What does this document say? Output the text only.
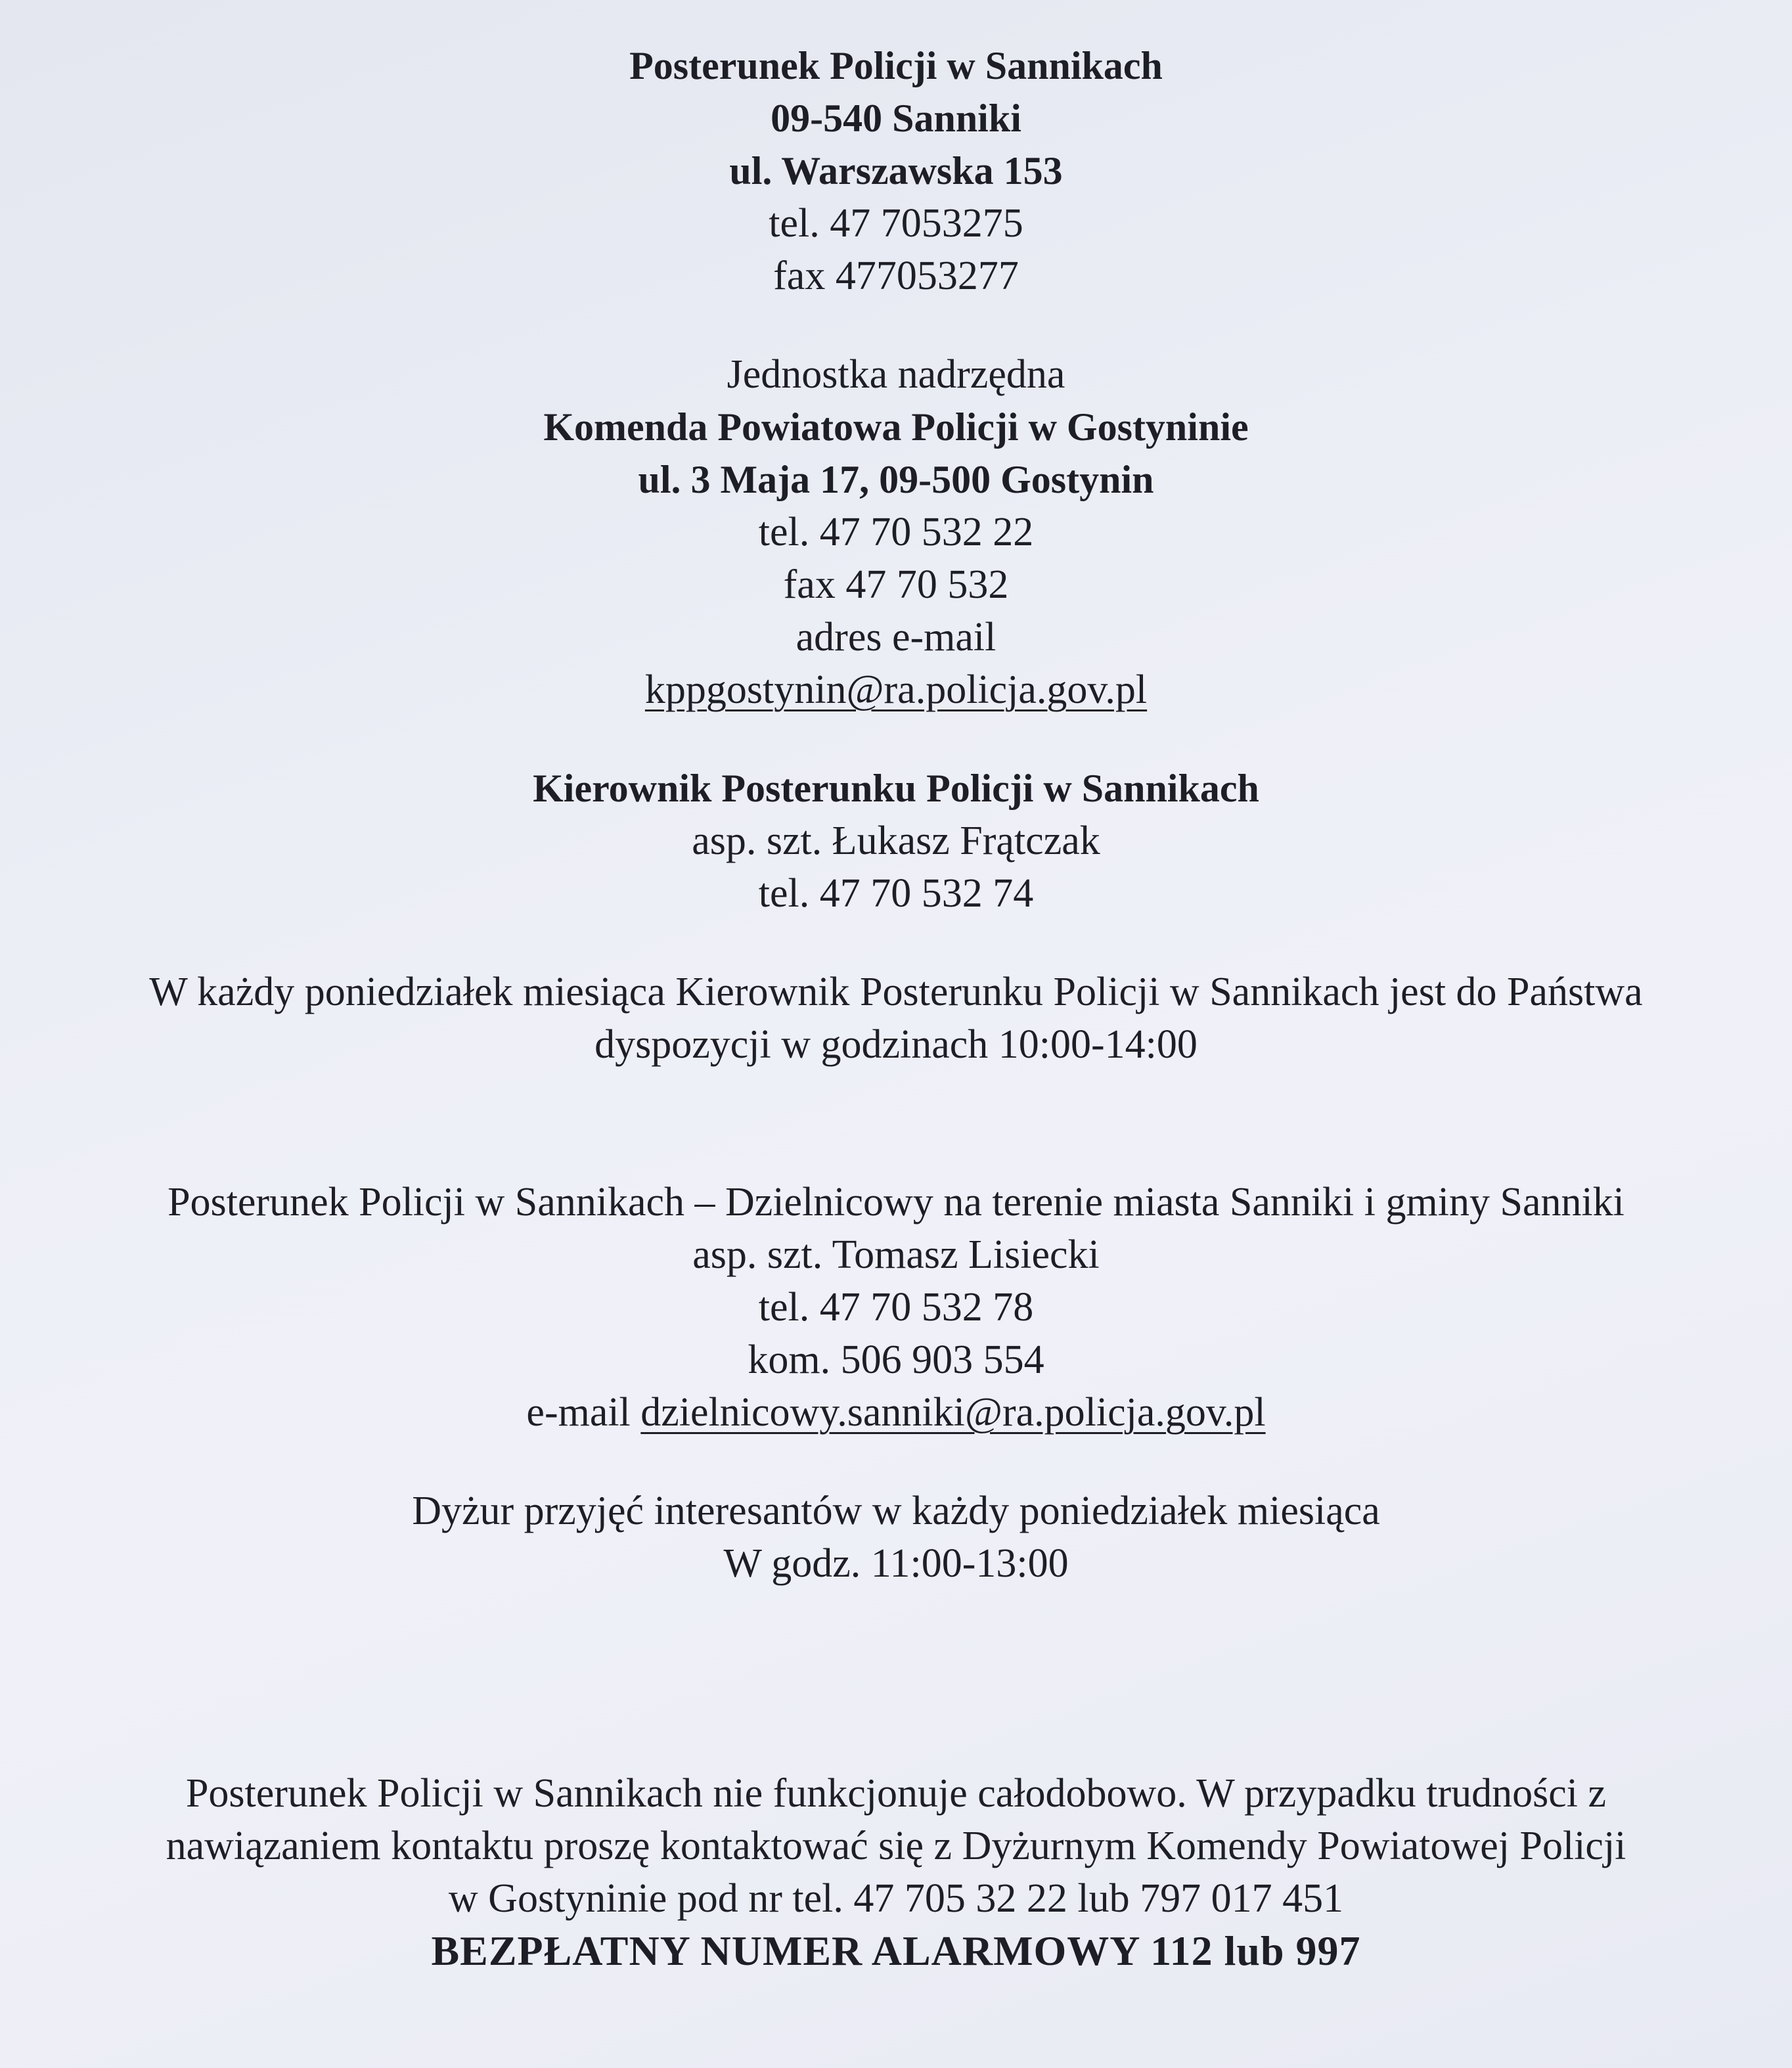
Posterunek Policji w Sannikach
09-540 Sanniki
ul. Warszawska 153
tel. 47 7053275
fax 477053277
Jednostka nadrzędna
Komenda Powiatowa Policji w Gostyninie
ul. 3 Maja 17, 09-500 Gostynin
tel. 47 70 532 22
fax 47 70 532
adres e-mail
kppgostynin@ra.policja.gov.pl
Kierownik Posterunku Policji w Sannikach
asp. szt. Łukasz Frątczak
tel. 47 70 532 74
W każdy poniedziałek miesiąca Kierownik Posterunku Policji w Sannikach jest do Państwa
dyspozycji w godzinach 10:00-14:00
Posterunek Policji w Sannikach – Dzielnicowy na terenie miasta Sanniki i gminy Sanniki
asp. szt. Tomasz Lisiecki
tel. 47 70 532 78
kom. 506 903 554
e-mail dzielnicowy.sanniki@ra.policja.gov.pl
Dyżur przyjęć interesantów w każdy poniedziałek miesiąca
W godz. 11:00-13:00
Posterunek Policji w Sannikach nie funkcjonuje całodobowo. W przypadku trudności z
nawiązaniem kontaktu proszę kontaktować się z Dyżurnym Komendy Powiatowej Policji
w Gostyninie pod nr tel. 47 705 32 22 lub 797 017 451
BEZPŁATNY NUMER ALARMOWY 112 lub 997
